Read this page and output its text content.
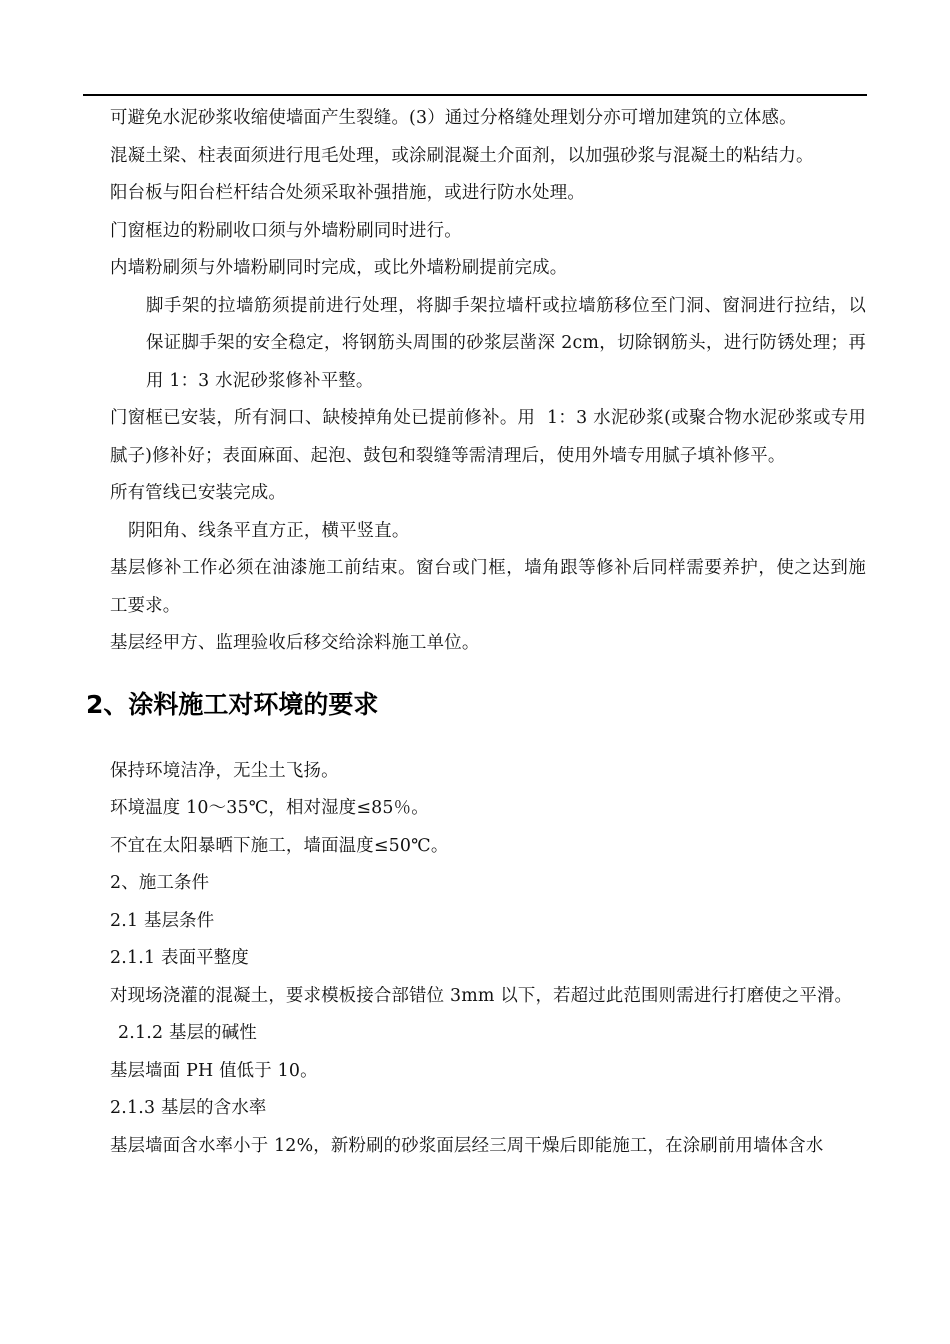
可避免水泥砂浆收缩使墙面产生裂缝。(3）通过分格缝处理划分亦可增加建筑的立体感。

混凝土梁、柱表面须进行甩毛处理，或涂刷混凝土介面剂，以加强砂浆与混凝土的粘结力。

阳台板与阳台栏杆结合处须采取补强措施，或进行防水处理。

门窗框边的粉刷收口须与外墙粉刷同时进行。

内墙粉刷须与外墙粉刷同时完成，或比外墙粉刷提前完成。

脚手架的拉墙筋须提前进行处理，将脚手架拉墙杆或拉墙筋移位至门洞、窗洞进行拉结，以保证脚手架的安全稳定，将钢筋头周围的砂浆层凿深 2cm，切除钢筋头，进行防锈处理；再用 1：3 水泥砂浆修补平整。

门窗框已安装，所有洞口、缺棱掉角处已提前修补。用  1：3 水泥砂浆(或聚合物水泥砂浆或专用腻子)修补好；表面麻面、起泡、鼓包和裂缝等需清理后，使用外墙专用腻子填补修平。

所有管线已安装完成。

阴阳角、线条平直方正，横平竖直。

基层修补工作必须在油漆施工前结束。窗台或门框，墙角跟等修补后同样需要养护，使之达到施工要求。

基层经甲方、监理验收后移交给涂料施工单位。

2、涂料施工对环境的要求

保持环境洁净，无尘土飞扬。

环境温度 10～35℃，相对湿度≤85％。

不宜在太阳暴晒下施工，墙面温度≤50℃。

2、施工条件

2.1 基层条件

2.1.1 表面平整度

对现场浇灌的混凝土，要求模板接合部错位 3mm 以下，若超过此范围则需进行打磨使之平滑。

2.1.2 基层的碱性

基层墙面 PH 值低于 10。

2.1.3 基层的含水率

基层墙面含水率小于 12%，新粉刷的砂浆面层经三周干燥后即能施工，在涂刷前用墙体含水
